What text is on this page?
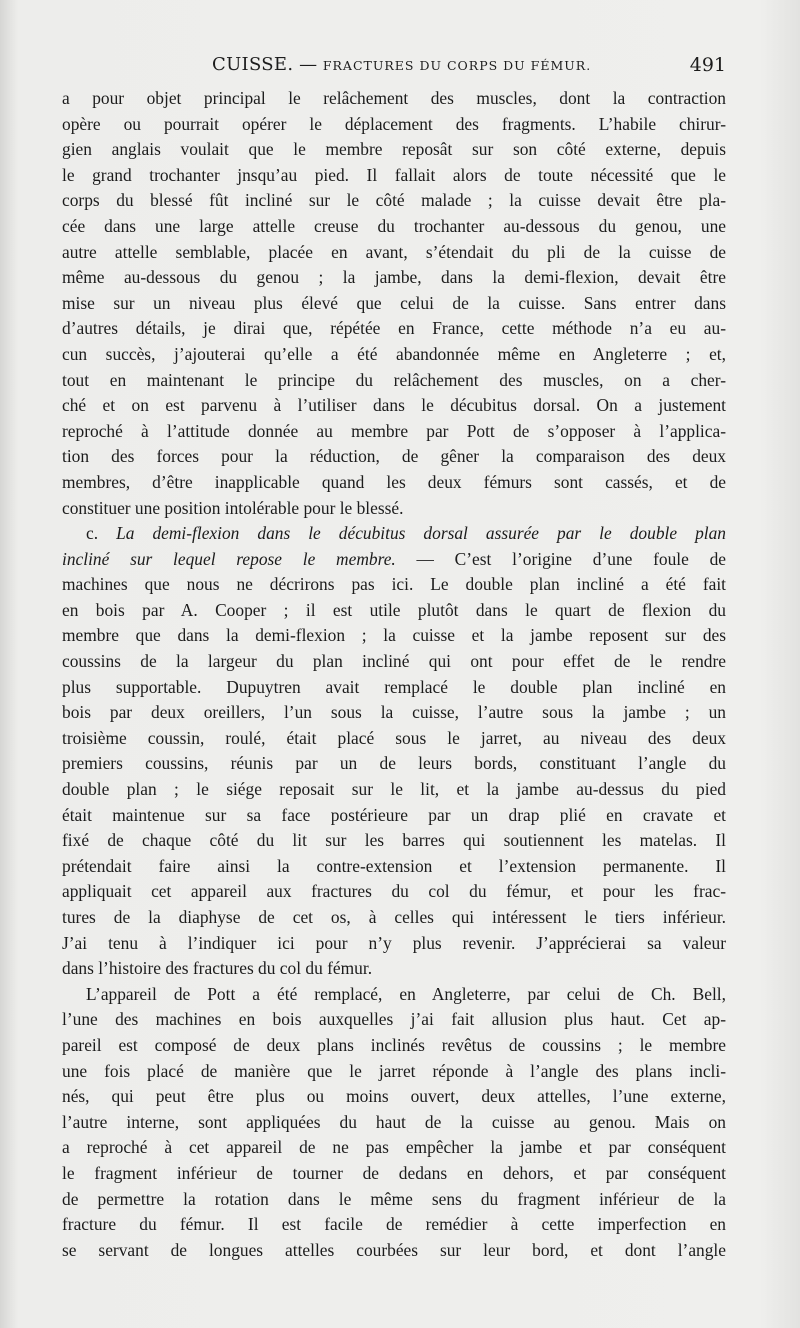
CUISSE. — FRACTURES DU CORPS DU FÉMUR.	491
a pour objet principal le relâchement des muscles, dont la contraction
opère ou pourrait opérer le déplacement des fragments. L’habile chirur-
gien anglais voulait que le membre reposât sur son côté externe, depuis
le grand trochanter jnsqu’au pied. Il fallait alors de toute nécessité que le
corps du blessé fût incliné sur le côté malade ; la cuisse devait être pla-
cée dans une large attelle creuse du trochanter au-dessous du genou, une
autre attelle semblable, placée en avant, s’étendait du pli de la cuisse de
même au-dessous du genou ; la jambe, dans la demi-flexion, devait être
mise sur un niveau plus élevé que celui de la cuisse. Sans entrer dans
d’autres détails, je dirai que, répétée en France, cette méthode n’a eu au-
cun succès, j’ajouterai qu’elle a été abandonnée même en Angleterre ; et,
tout en maintenant le principe du relâchement des muscles, on a cher-
ché et on est parvenu à l’utiliser dans le décubitus dorsal. On a justement
reproché à l’attitude donnée au membre par Pott de s’opposer à l’applica-
tion des forces pour la réduction, de gêner la comparaison des deux
membres, d’être inapplicable quand les deux fémurs sont cassés, et de
constituer une position intolérable pour le blessé.
c. La demi-flexion dans le décubitus dorsal assurée par le double plan
incliné sur lequel repose le membre. — C’est l’origine d’une foule de
machines que nous ne décrirons pas ici. Le double plan incliné a été fait
en bois par A. Cooper ; il est utile plutôt dans le quart de flexion du
membre que dans la demi-flexion ; la cuisse et la jambe reposent sur des
coussins de la largeur du plan incliné qui ont pour effet de le rendre
plus supportable. Dupuytren avait remplacé le double plan incliné en
bois par deux oreillers, l’un sous la cuisse, l’autre sous la jambe ; un
troisième coussin, roulé, était placé sous le jarret, au niveau des deux
premiers coussins, réunis par un de leurs bords, constituant l’angle du
double plan ; le siége reposait sur le lit, et la jambe au-dessus du pied
était maintenue sur sa face postérieure par un drap plié en cravate et
fixé de chaque côté du lit sur les barres qui soutiennent les matelas. Il
prétendait faire ainsi la contre-extension et l’extension permanente. Il
appliquait cet appareil aux fractures du col du fémur, et pour les frac-
tures de la diaphyse de cet os, à celles qui intéressent le tiers inférieur.
J’ai tenu à l’indiquer ici pour n’y plus revenir. J’apprécierai sa valeur
dans l’histoire des fractures du col du fémur.
L’appareil de Pott a été remplacé, en Angleterre, par celui de Ch. Bell,
l’une des machines en bois auxquelles j’ai fait allusion plus haut. Cet ap-
pareil est composé de deux plans inclinés revêtus de coussins ; le membre
une fois placé de manière que le jarret réponde à l’angle des plans incli-
nés, qui peut être plus ou moins ouvert, deux attelles, l’une externe,
l’autre interne, sont appliquées du haut de la cuisse au genou. Mais on
a reproché à cet appareil de ne pas empêcher la jambe et par conséquent
le fragment inférieur de tourner de dedans en dehors, et par conséquent
de permettre la rotation dans le même sens du fragment inférieur de la
fracture du fémur. Il est facile de remédier à cette imperfection en
se servant de longues attelles courbées sur leur bord, et dont l’angle
